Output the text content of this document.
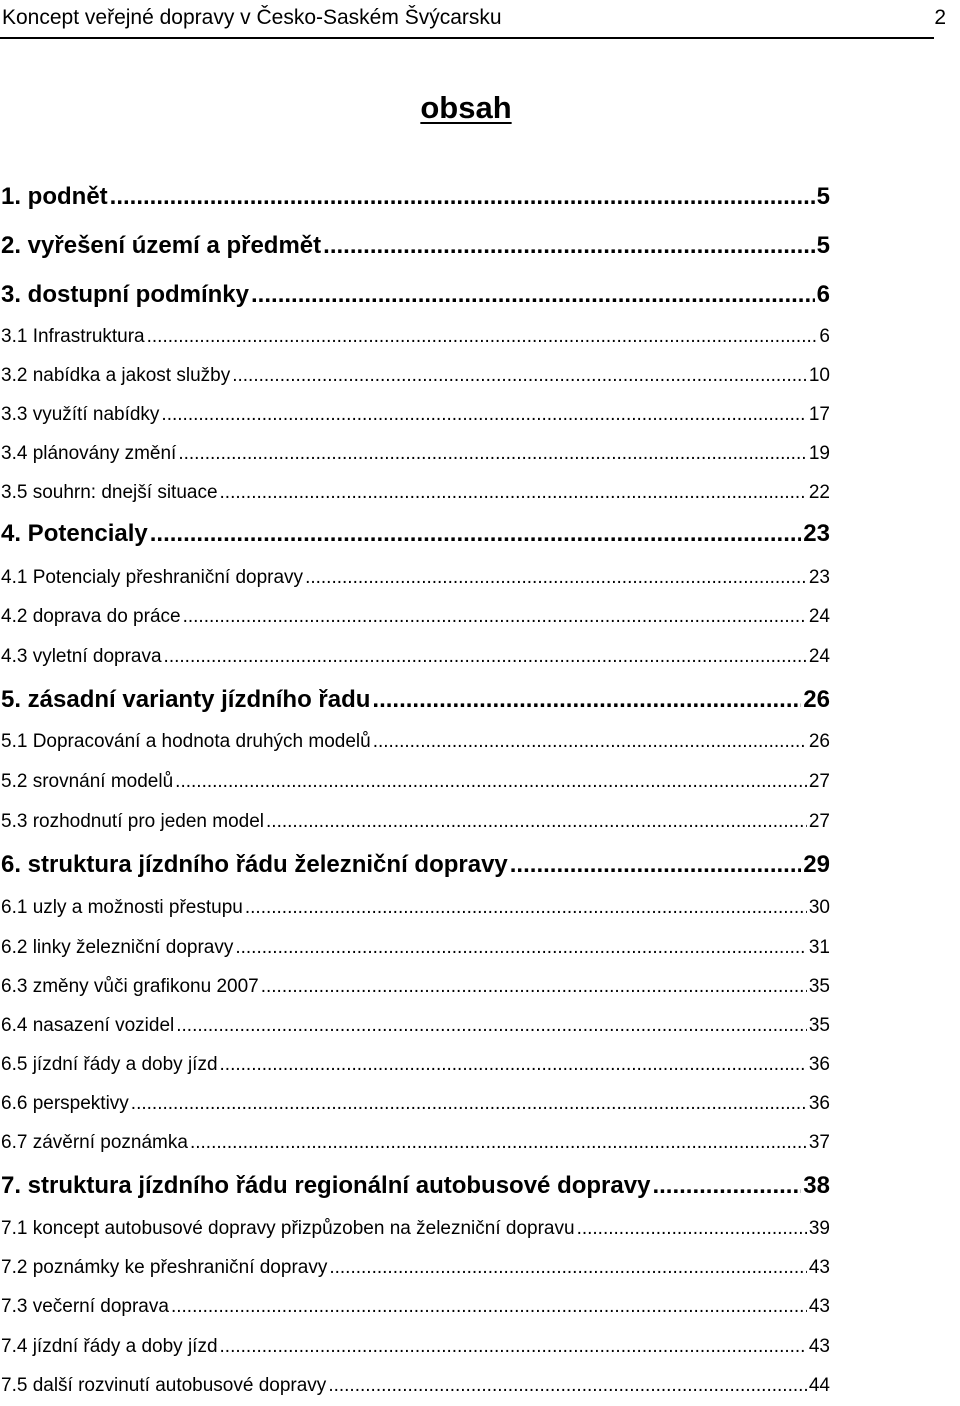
Koncept veřejné dopravy v Česko-Saském Švýcarsku	2
obsah
1. podnět .....	5
2. vyřešení území a předmět .....	5
3. dostupní podmínky .....	6
3.1 Infrastruktura .....	6
3.2 nabídka a jakost služby .....	10
3.3 využítí nabídky .....	17
3.4 plánovány změní .....	19
3.5 souhrn: dnejší situace .....	22
4. Potencialy .....	23
4.1 Potencialy přeshraniční dopravy .....	23
4.2 doprava do práce .....	24
4.3 vyletní doprava .....	24
5. zásadní varianty jízdního řadu .....	26
5.1 Dopracování a hodnota druhých modelů .....	26
5.2 srovnání modelů .....	27
5.3 rozhodnutí pro jeden model .....	27
6. struktura jízdního řádu železniční dopravy .....	29
6.1 uzly a možnosti přestupu .....	30
6.2 linky železniční dopravy .....	31
6.3 změny vůči grafikonu 2007 .....	35
6.4 nasazení vozidel .....	35
6.5 jízdní řády a doby jízd .....	36
6.6 perspektivy .....	36
6.7 závěrní poznámka .....	37
7. struktura jízdního řádu regionální autobusové dopravy .....	38
7.1 koncept autobusové dopravy přizpůzoben na železniční dopravu .....	39
7.2 poznámky ke přeshraniční dopravy .....	43
7.3 večerní doprava .....	43
7.4 jízdní řády a doby jízd .....	43
7.5 další rozvinutí autobusové dopravy .....	44
